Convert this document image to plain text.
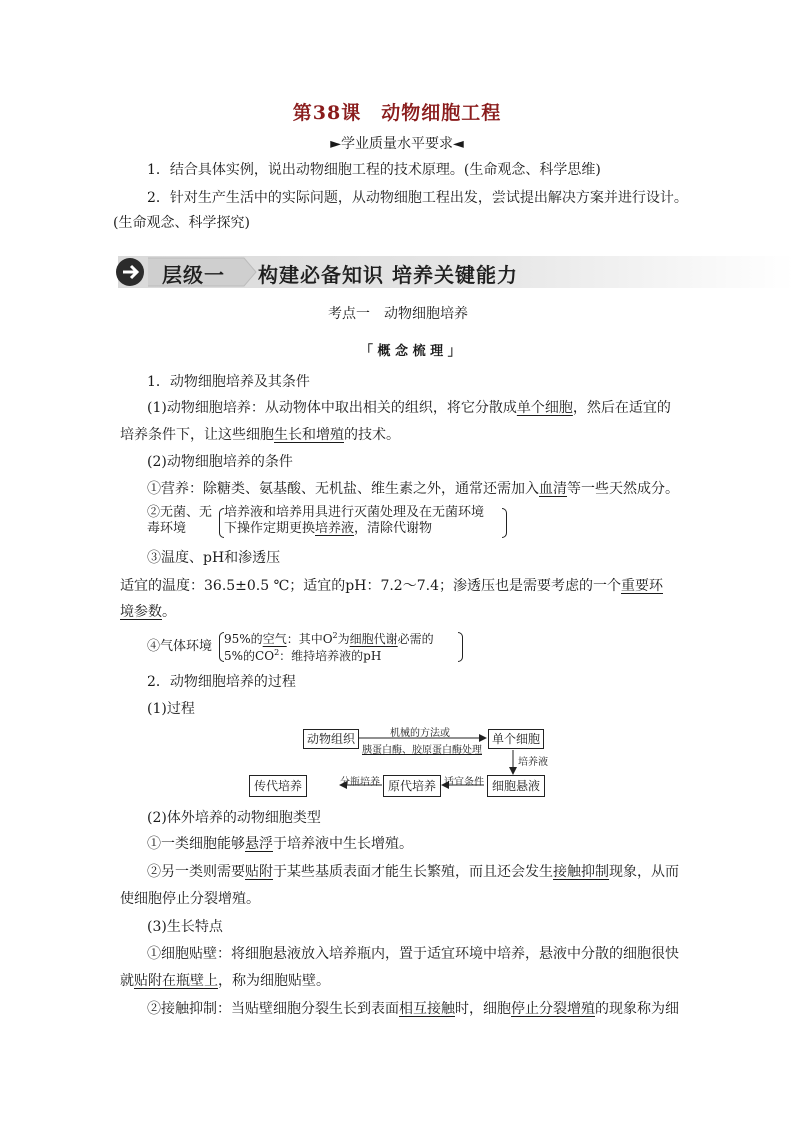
第38课　动物细胞工程
►学业质量水平要求◄
1．结合具体实例，说出动物细胞工程的技术原理。(生命观念、科学思维)
2．针对生产生活中的实际问题，从动物细胞工程出发，尝试提出解决方案并进行设计。
(生命观念、科学探究)
层级一 构建必备知识 培养关键能力
考点一　动物细胞培养
「 概 念 梳 理 」
1．动物细胞培养及其条件
(1)动物细胞培养：从动物体中取出相关的组织，将它分散成单个细胞，然后在适宜的
培养条件下，让这些细胞生长和增殖的技术。
(2)动物细胞培养的条件
①营养：除糖类、氨基酸、无机盐、维生素之外，通常还需加入血清等一些天然成分。
②无菌、无
毒环境
培养液和培养用具进行灭菌处理及在无菌环境
下操作定期更换培养液，清除代谢物
③温度、pH和渗透压
适宜的温度：36.5±0.5 ℃；适宜的pH：7.2～7.4；渗透压也是需要考虑的一个重要环
境参数。
④气体环境 95%的空气：其中$O^2$为细胞代谢必需的
5%的$CO^2$：维持培养液的pH
2．动物细胞培养的过程
(1)过程
动物组织	单个细胞
细胞悬液
原代培养
传代培养
机械的方法或
胰蛋白酶、胶原蛋白酶处理
培养液
适宜条件
分瓶培养
(2)体外培养的动物细胞类型
①一类细胞能够悬浮于培养液中生长增殖。
②另一类则需要贴附于某些基质表面才能生长繁殖，而且还会发生接触抑制现象，从而
使细胞停止分裂增殖。
(3)生长特点
①细胞贴壁：将细胞悬液放入培养瓶内，置于适宜环境中培养，悬液中分散的细胞很快
就贴附在瓶壁上，称为细胞贴壁。
②接触抑制：当贴壁细胞分裂生长到表面相互接触时，细胞停止分裂增殖的现象称为细
